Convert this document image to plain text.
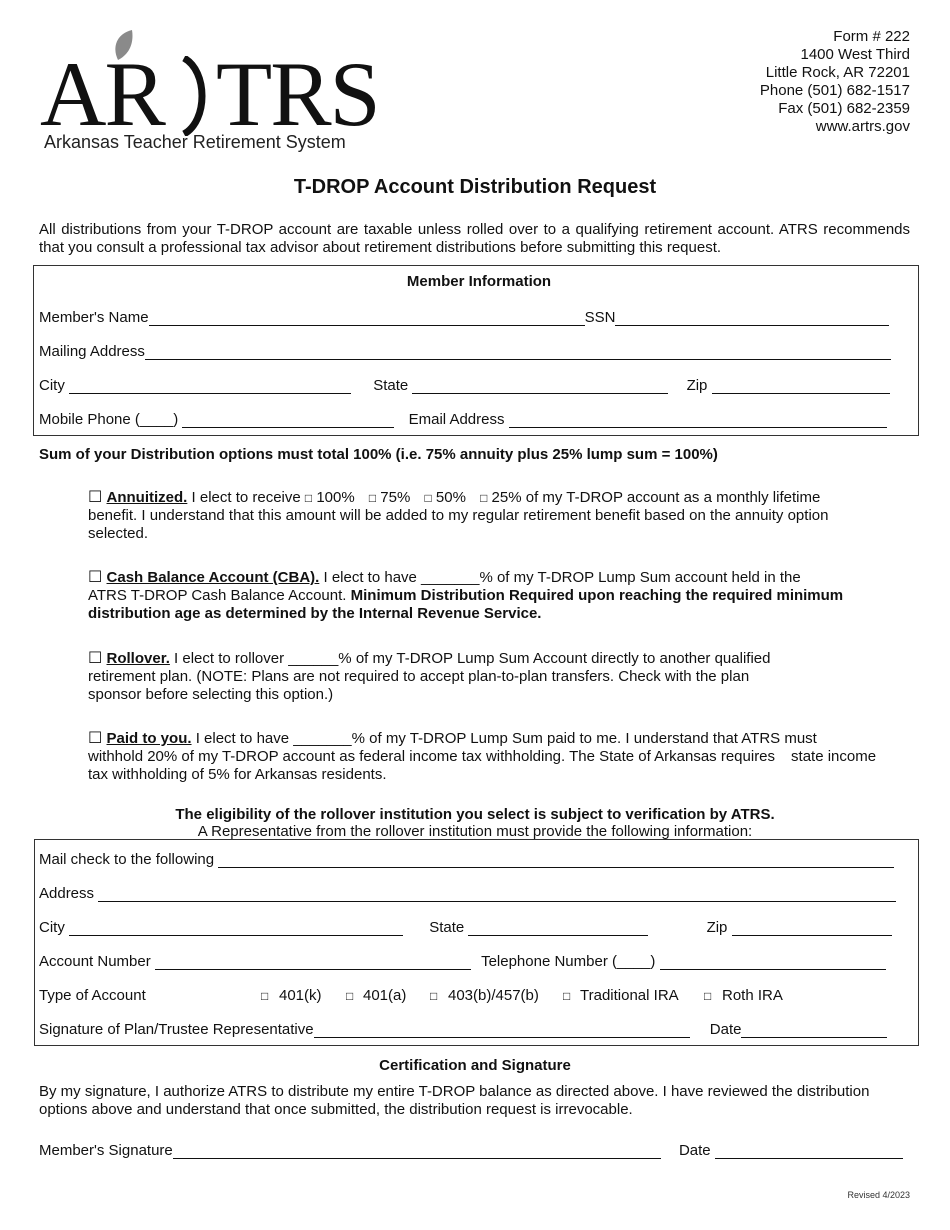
AR TRS
Arkansas Teacher Retirement System
Form # 222
1400 West Third
Little Rock, AR 72201
Phone (501) 682-1517
Fax (501) 682-2359
www.artrs.gov
T-DROP Account Distribution Request
All distributions from your T-DROP account are taxable unless rolled over to a qualifying retirement account. ATRS recommends that you consult a professional tax advisor about retirement distributions before submitting this request.
Member Information
Member's Name	SSN
Mailing Address
City	State	Zip
Mobile Phone (____)	Email Address
Sum of your Distribution options must total 100% (i.e. 75% annuity plus 25% lump sum = 100%)
☐ Annuitized. I elect to receive □ 100% □ 75% □ 50% □ 25% of my T-DROP account as a monthly lifetime
benefit. I understand that this amount will be added to my regular retirement benefit based on the annuity option
selected.
☐ Cash Balance Account (CBA). I elect to have _______% of my T-DROP Lump Sum account held in the
ATRS T-DROP Cash Balance Account. Minimum Distribution Required upon reaching the required minimum
distribution age as determined by the Internal Revenue Service.
☐ Rollover. I elect to rollover ______% of my T-DROP Lump Sum Account directly to another qualified
retirement plan. (NOTE: Plans are not required to accept plan-to-plan transfers. Check with the plan
sponsor before selecting this option.)
☐ Paid to you. I elect to have _______% of my T-DROP Lump Sum paid to me. I understand that ATRS must
withhold 20% of my T-DROP account as federal income tax withholding. The State of Arkansas requires state income
tax withholding of 5% for Arkansas residents.
The eligibility of the rollover institution you select is subject to verification by ATRS.
A Representative from the rollover institution must provide the following information:
Mail check to the following
Address
City	State	Zip
Account Number	Telephone Number (____)
Type of Account	□ 401(k) □ 401(a) □ 403(b)/457(b) □ Traditional IRA □ Roth IRA
Signature of Plan/Trustee Representative	Date
Certification and Signature
By my signature, I authorize ATRS to distribute my entire T-DROP balance as directed above. I have reviewed the distribution options above and understand that once submitted, the distribution request is irrevocable.
Member's Signature	Date
Revised 4/2023
